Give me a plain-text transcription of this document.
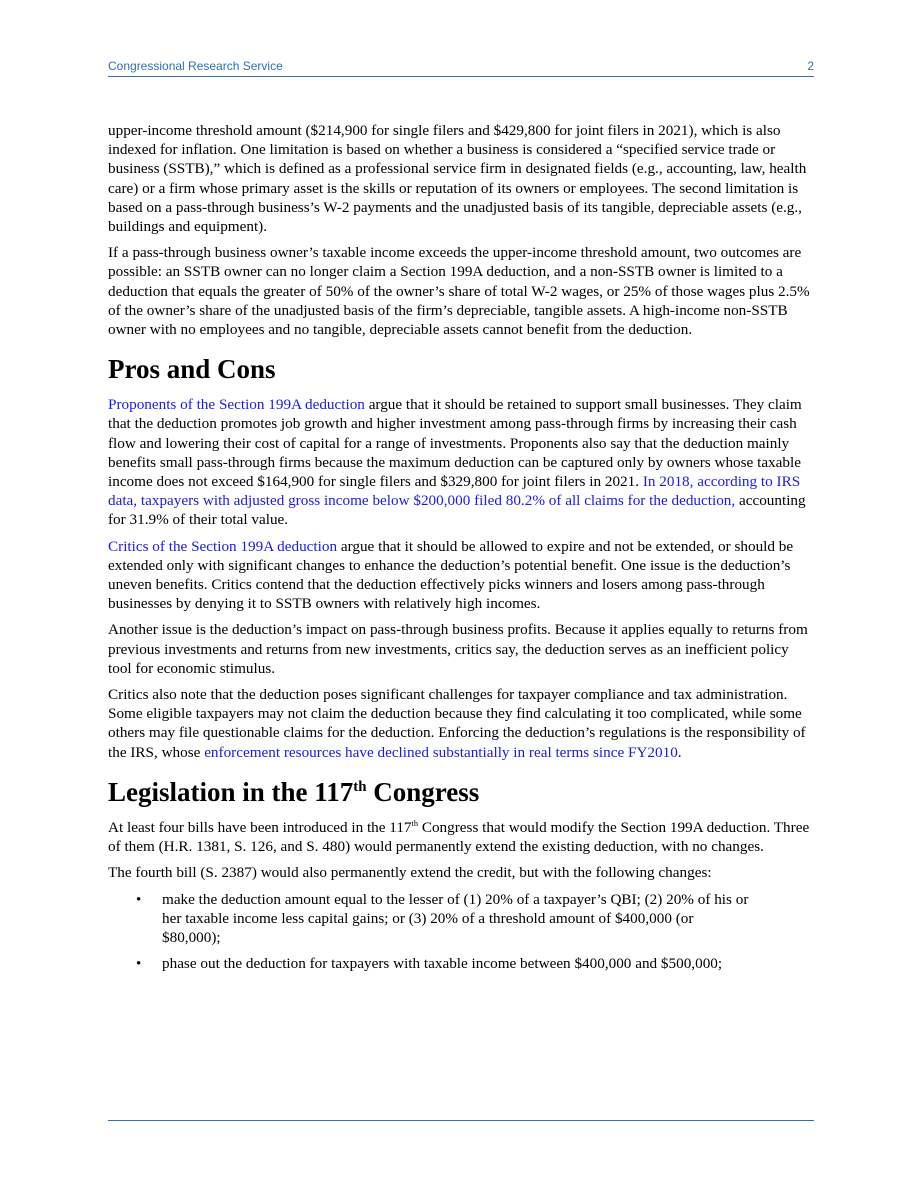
Congressional Research Service	2

upper-income threshold amount ($214,900 for single filers and $429,800 for joint filers in 2021), which is also indexed for inflation. One limitation is based on whether a business is considered a “specified service trade or business (SSTB),” which is defined as a professional service firm in designated fields (e.g., accounting, law, health care) or a firm whose primary asset is the skills or reputation of its owners or employees. The second limitation is based on a pass-through business’s W-2 payments and the unadjusted basis of its tangible, depreciable assets (e.g., buildings and equipment).

If a pass-through business owner’s taxable income exceeds the upper-income threshold amount, two outcomes are possible: an SSTB owner can no longer claim a Section 199A deduction, and a non-SSTB owner is limited to a deduction that equals the greater of 50% of the owner’s share of total W-2 wages, or 25% of those wages plus 2.5% of the owner’s share of the unadjusted basis of the firm’s depreciable, tangible assets. A high-income non-SSTB owner with no employees and no tangible, depreciable assets cannot benefit from the deduction.

Pros and Cons

Proponents of the Section 199A deduction argue that it should be retained to support small businesses. They claim that the deduction promotes job growth and higher investment among pass-through firms by increasing their cash flow and lowering their cost of capital for a range of investments. Proponents also say that the deduction mainly benefits small pass-through firms because the maximum deduction can be captured only by owners whose taxable income does not exceed $164,900 for single filers and $329,800 for joint filers in 2021. In 2018, according to IRS data, taxpayers with adjusted gross income below $200,000 filed 80.2% of all claims for the deduction, accounting for 31.9% of their total value.

Critics of the Section 199A deduction argue that it should be allowed to expire and not be extended, or should be extended only with significant changes to enhance the deduction’s potential benefit. One issue is the deduction’s uneven benefits. Critics contend that the deduction effectively picks winners and losers among pass-through businesses by denying it to SSTB owners with relatively high incomes.

Another issue is the deduction’s impact on pass-through business profits. Because it applies equally to returns from previous investments and returns from new investments, critics say, the deduction serves as an inefficient policy tool for economic stimulus.

Critics also note that the deduction poses significant challenges for taxpayer compliance and tax administration. Some eligible taxpayers may not claim the deduction because they find calculating it too complicated, while some others may file questionable claims for the deduction. Enforcing the deduction’s regulations is the responsibility of the IRS, whose enforcement resources have declined substantially in real terms since FY2010.

Legislation in the 117th Congress

At least four bills have been introduced in the 117th Congress that would modify the Section 199A deduction. Three of them (H.R. 1381, S. 126, and S. 480) would permanently extend the existing deduction, with no changes.

The fourth bill (S. 2387) would also permanently extend the credit, but with the following changes:

• make the deduction amount equal to the lesser of (1) 20% of a taxpayer’s QBI; (2) 20% of his or her taxable income less capital gains; or (3) 20% of a threshold amount of $400,000 (or $80,000);
• phase out the deduction for taxpayers with taxable income between $400,000 and $500,000;
